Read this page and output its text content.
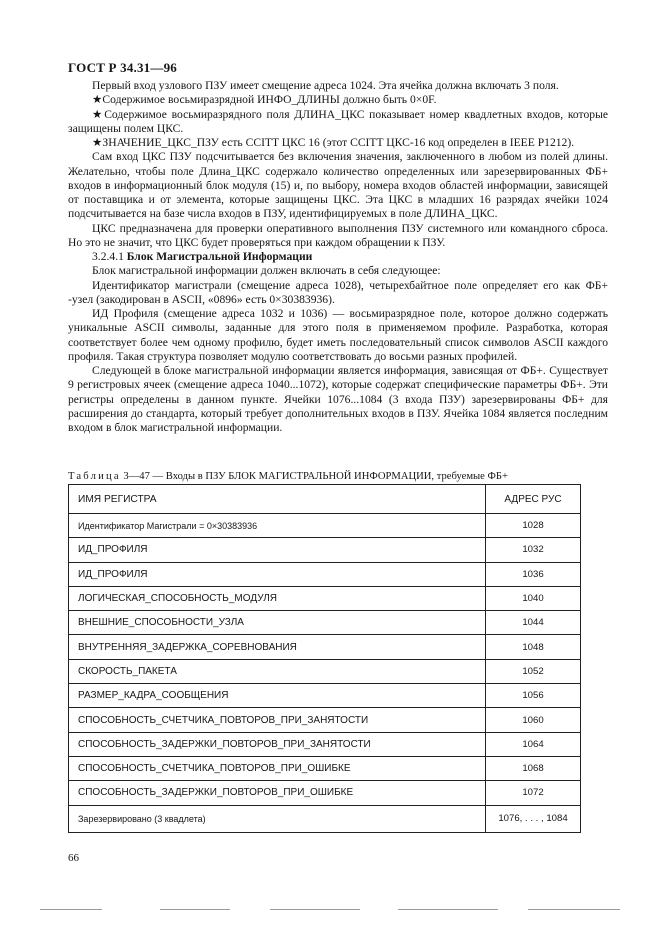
ГОСТ Р 34.31—96

Первый вход узлового ПЗУ имеет смещение адреса 1024. Эта ячейка должна включать 3 поля.

★Содержимое восьмиразрядной ИНФО_ДЛИНЫ должно быть 0×0F.

★Содержимое восьмиразрядного поля ДЛИНА_ЦКС показывает номер квадлетных входов, которые защищены полем ЦКС.

★ЗНАЧЕНИЕ_ЦКС_ПЗУ есть CCITT ЦКС 16 (этот CCITT ЦКС-16 код определен в IEEE P1212).

Сам вход ЦКС ПЗУ подсчитывается без включения значения, заключенного в любом из полей длины. Желательно, чтобы поле Длина_ЦКС содержало количество определенных или зарезервированных ФБ+ входов в информационный блок модуля (15) и, по выбору, номера входов областей информации, зависящей от поставщика и от элемента, которые защищены ЦКС. Эта ЦКС в младших 16 разрядах ячейки 1024 подсчитывается на базе числа входов в ПЗУ, идентифицируемых в поле ДЛИНА_ЦКС.

ЦКС предназначена для проверки оперативного выполнения ПЗУ системного или командного сброса. Но это не значит, что ЦКС будет проверяться при каждом обращении к ПЗУ.

3.2.4.1 Блок Магистральной Информации

Блок магистральной информации должен включать в себя следующее:

Идентификатор магистрали (смещение адреса 1028), четырехбайтное поле определяет его как ФБ+ -узел (закодирован в ASCII, «0896» есть 0×30383936).

ИД Профиля (смещение адреса 1032 и 1036) — восьмиразрядное поле, которое должно содержать уникальные ASCII символы, заданные для этого поля в применяемом профиле. Разработка, которая соответствует более чем одному профилю, будет иметь последовательный список символов ASCII каждого профиля. Такая структура позволяет модулю соответствовать до восьми разных профилей.

Следующей в блоке магистральной информации является информация, зависящая от ФБ+. Существует 9 регистровых ячеек (смещение адреса 1040...1072), которые содержат специфические параметры ФБ+. Эти регистры определены в данном пункте. Ячейки 1076...1084 (3 входа ПЗУ) зарезервированы ФБ+ для расширения до стандарта, который требует дополнительных входов в ПЗУ. Ячейка 1084 является последним входом в блок магистральной информации.

Таблица 3—47 — Входы в ПЗУ БЛОК МАГИСТРАЛЬНОЙ ИНФОРМАЦИИ, требуемые ФБ+
ИМЯ РЕГИСТРА	АДРЕС РУС
Идентификатор Магистрали = 0×30383936	1028
ИД_ПРОФИЛЯ	1032
ИД_ПРОФИЛЯ	1036
ЛОГИЧЕСКАЯ_СПОСОБНОСТЬ_МОДУЛЯ	1040
ВНЕШНИЕ_СПОСОБНОСТИ_УЗЛА	1044
ВНУТРЕННЯЯ_ЗАДЕРЖКА_СОРЕВНОВАНИЯ	1048
СКОРОСТЬ_ПАКЕТА	1052
РАЗМЕР_КАДРА_СООБЩЕНИЯ	1056
СПОСОБНОСТЬ_СЧЕТЧИКА_ПОВТОРОВ_ПРИ_ЗАНЯТОСТИ	1060
СПОСОБНОСТЬ_ЗАДЕРЖКИ_ПОВТОРОВ_ПРИ_ЗАНЯТОСТИ	1064
СПОСОБНОСТЬ_СЧЕТЧИКА_ПОВТОРОВ_ПРИ_ОШИБКЕ	1068
СПОСОБНОСТЬ_ЗАДЕРЖКИ_ПОВТОРОВ_ПРИ_ОШИБКЕ	1072
Зарезервировано (3 квадлета)	1076, . . . , 1084
66
